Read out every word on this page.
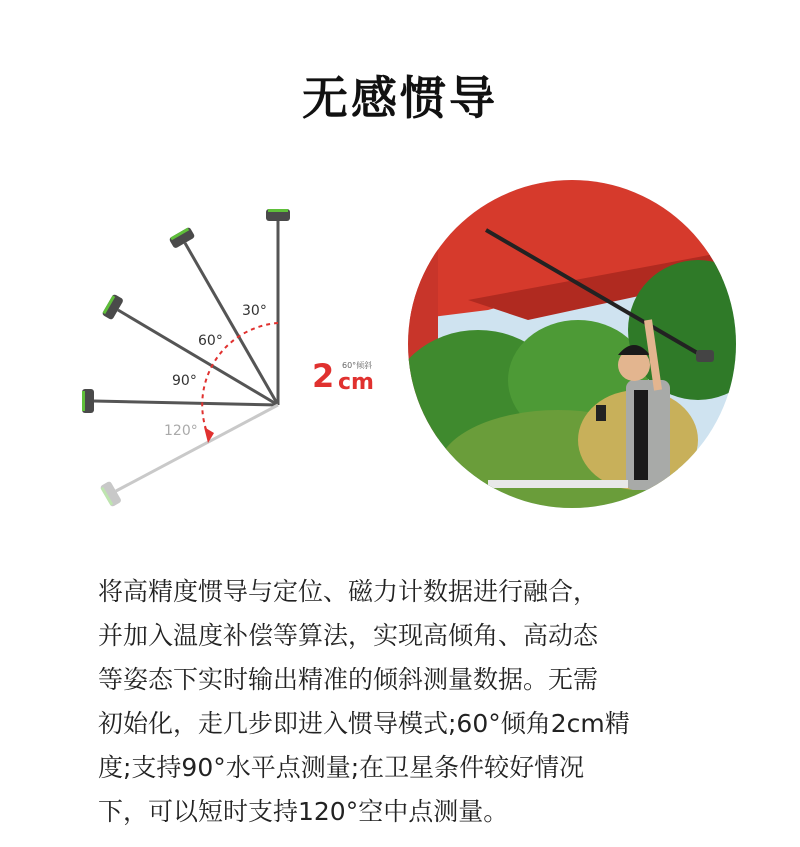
无感惯导
30°
60°
90°
120°
2 60°倾斜
cm
将高精度惯导与定位、磁力计数据进行融合，
并加入温度补偿等算法，实现高倾角、高动态
等姿态下实时输出精准的倾斜测量数据。无需
初始化，走几步即进入惯导模式;60°倾角2cm精
度;支持90°水平点测量;在卫星条件较好情况
下，可以短时支持120°空中点测量。
